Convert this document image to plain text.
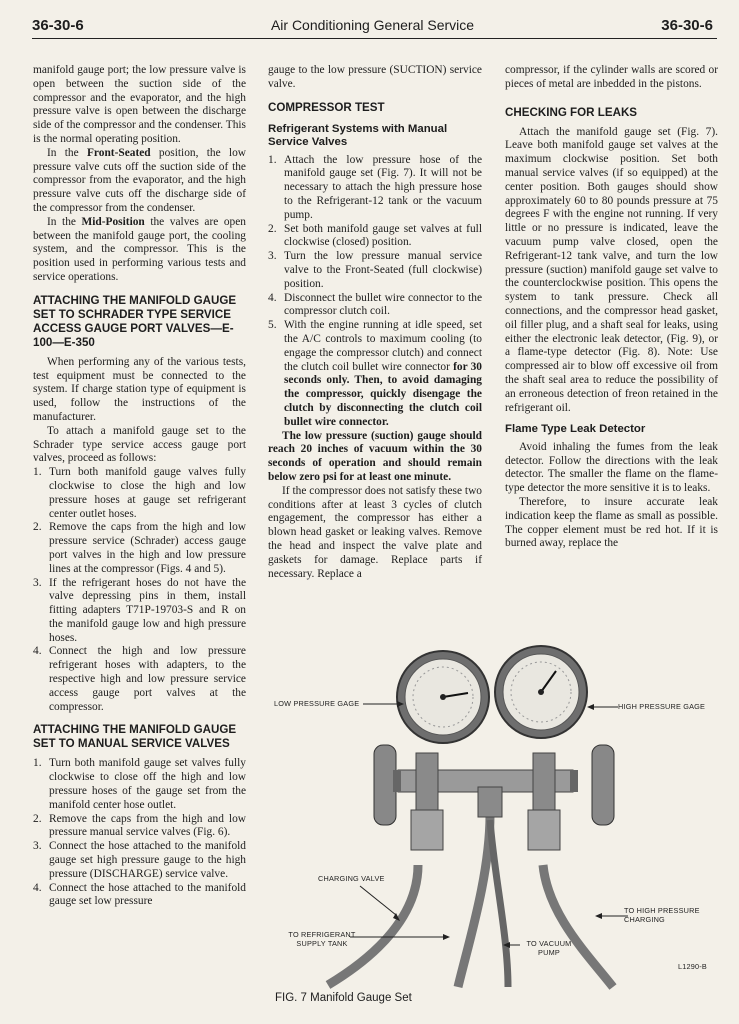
36-30-6	Air Conditioning General Service	36-30-6

manifold gauge port; the low pressure valve is open between the suction side of the compressor and the evaporator, and the high pressure valve is open between the discharge side of the compressor and the condenser. This is the normal operating position.

In the Front-Seated position, the low pressure valve cuts off the suction side of the compressor from the evaporator, and the high pressure valve cuts off the discharge side of the compressor from the condenser.

In the Mid-Position the valves are open between the manifold gauge port, the cooling system, and the compressor. This is the position used in performing various tests and service operations.

ATTACHING THE MANIFOLD GAUGE SET TO SCHRADER TYPE SERVICE ACCESS GAUGE PORT VALVES—E-100—E-350

When performing any of the various tests, test equipment must be connected to the system. If charge station type of equipment is used, follow the instructions of the manufacturer.

To attach a manifold gauge set to the Schrader type service access gauge port valves, proceed as follows:

1. Turn both manifold gauge valves fully clockwise to close the high and low pressure hoses at gauge set refrigerant center outlet hoses.
2. Remove the caps from the high and low pressure service (Schrader) access gauge port valves in the high and low pressure lines at the compressor (Figs. 4 and 5).
3. If the refrigerant hoses do not have the valve depressing pins in them, install fitting adapters T71P-19703-S and R on the manifold gauge low and high pressure hoses.
4. Connect the high and low pressure refrigerant hoses with adapters, to the respective high and low pressure service access gauge port valves at the compressor.
ATTACHING THE MANIFOLD GAUGE SET TO MANUAL SERVICE VALVES
1. Turn both manifold gauge set valves fully clockwise to close off the high and low pressure hoses of the gauge set from the manifold center hose outlet.
2. Remove the caps from the high and low pressure manual service valves (Fig. 6).
3. Connect the hose attached to the manifold gauge set high pressure gauge to the high pressure (DISCHARGE) service valve.
4. Connect the hose attached to the manifold gauge set low pressure

gauge to the low pressure (SUCTION) service valve.

COMPRESSOR TEST
Refrigerant Systems with Manual Service Valves
1. Attach the low pressure hose of the manifold gauge set (Fig. 7). It will not be necessary to attach the high pressure hose to the Refrigerant-12 tank or the vacuum pump.
2. Set both manifold gauge set valves at full clockwise (closed) position.
3. Turn the low pressure manual service valve to the Front-Seated (full clockwise) position.
4. Disconnect the bullet wire connector to the compressor clutch coil.
5. With the engine running at idle speed, set the A/C controls to maximum cooling (to engage the compressor clutch) and connect the clutch coil bullet wire connector for 30 seconds only. Then, to avoid damaging the compressor, quickly disengage the clutch by disconnecting the clutch coil bullet wire connector.

The low pressure (suction) gauge should reach 20 inches of vacuum within the 30 seconds of operation and should remain below zero psi for at least one minute.

If the compressor does not satisfy these two conditions after at least 3 cycles of clutch engagement, the compressor has either a blown head gasket or leaking valves. Remove the head and inspect the valve plate and gaskets for damage. Replace parts if necessary. Replace a

compressor, if the cylinder walls are scored or pieces of metal are inbedded in the pistons.

CHECKING FOR LEAKS

Attach the manifold gauge set (Fig. 7). Leave both manifold gauge set valves at the maximum clockwise position. Set both manual service valves (if so equipped) at the center position. Both gauges should show approximately 60 to 80 pounds pressure at 75 degrees F with the engine not running. If very little or no pressure is indicated, leave the vacuum pump valve closed, open the Refrigerant-12 tank valve, and turn the low pressure (suction) manifold gauge set valve to the counterclockwise position. This opens the system to tank pressure. Check all connections, and the compressor head gasket, oil filler plug, and a shaft seal for leaks, using either the electronic leak detector, (Fig. 9), or a flame-type detector (Fig. 8). Note: Use compressed air to blow off excessive oil from the shaft seal area to reduce the possibility of an erroneous detection of freon retained in the refrigerant oil.

Flame Type Leak Detector

Avoid inhaling the fumes from the leak detector. Follow the directions with the leak detector. The smaller the flame on the flame-type detector the more sensitive it is to leaks.

Therefore, to insure accurate leak indication keep the flame as small as possible. The copper element must be red hot. If it is burned away, replace the

LOW PRESSURE GAGE	HIGH PRESSURE GAGE
CHARGING VALVE
TO REFRIGERANT SUPPLY TANK
TO HIGH PRESSURE CHARGING
TO VACUUM PUMP
L1290-B
FIG. 7 Manifold Gauge Set
